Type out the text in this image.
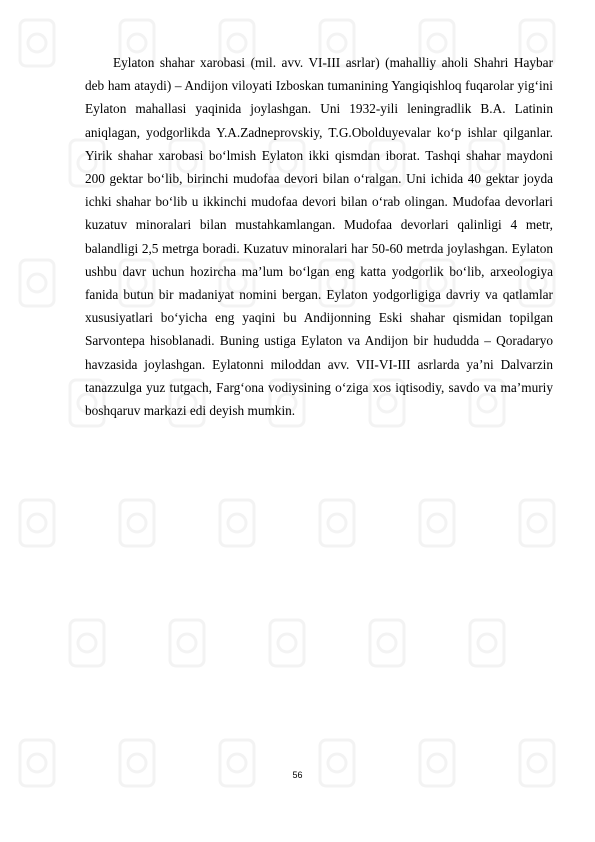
Eylaton shahar xarobasi (mil. avv. VI-III asrlar) (mahalliy aholi Shahri Haybar deb ham ataydi) – Andijon viloyati Izboskan tumanining Yangiqishloq fuqarolar yig‘ini Eylaton mahallasi yaqinida joylashgan. Uni 1932-yili leningradlik B.A. Latinin aniqlagan, yodgorlikda Y.A.Zadneprovskiy, T.G.Obolduyevalar ko‘p ishlar qilganlar. Yirik shahar xarobasi bo‘lmish Eylaton ikki qismdan iborat. Tashqi shahar maydoni 200 gektar bo‘lib, birinchi mudofaa devori bilan o‘ralgan. Uni ichida 40 gektar joyda ichki shahar bo‘lib u ikkinchi mudofaa devori bilan o‘rab olingan. Mudofaa devorlari kuzatuv minoralari bilan mustahkamlangan. Mudofaa devorlari qalinligi 4 metr, balandligi 2,5 metrga boradi. Kuzatuv minoralari har 50-60 metrda joylashgan. Eylaton ushbu davr uchun hozircha ma’lum bo‘lgan eng katta yodgorlik bo‘lib, arxeologiya fanida butun bir madaniyat nomini bergan. Eylaton yodgorligiga davriy va qatlamlar xususiyatlari bo‘yicha eng yaqini bu Andijonning Eski shahar qismidan topilgan Sarvontepa hisoblanadi. Buning ustiga Eylaton va Andijon bir hududda – Qoradaryo havzasida joylashgan. Eylatonni miloddan avv. VII-VI-III asrlarda ya’ni Dalvarzin tanazzulga yuz tutgach, Farg‘ona vodiysining o‘ziga xos iqtisodiy, savdo va ma’muriy boshqaruv markazi edi deyish mumkin.

56
